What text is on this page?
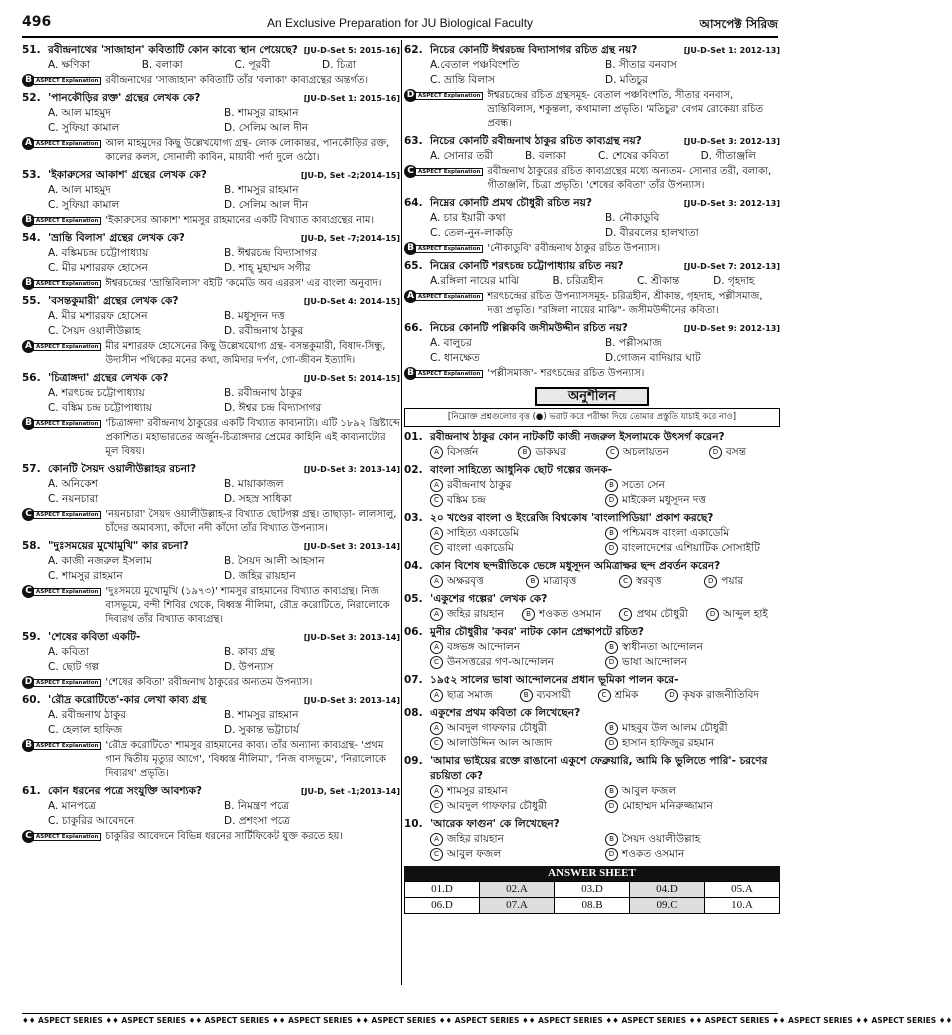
496	An Exclusive Preparation for JU Biological Faculty	আসপেক্ট সিরিজ
51. রবীন্দ্রনাথের 'সাজাহান' কবিতাটি কোন কাব্যে স্থান পেয়েছে? [JU-D-Set 5: 2015-16]
A. ক্ষণিকা	B. বলাকা	C. পূরবী	D. চিত্রা
B ASPECT Explanation রবীন্দ্রনাথের 'সাজাহান' কবিতাটি তাঁর 'বলাকা' কাব্যগ্রন্থের অন্তর্গত।
52. 'পানকৌড়ির রক্ত' গ্রন্থের লেখক কে?	[JU-D-Set 1: 2015-16]
A. আল মাহমুদ	B. শামসুর রাহমান
C. সুফিয়া কামাল	D. সেলিম আল দীন
A ASPECT Explanation আল মাহমুদের কিছু উল্লেখযোগ্য গ্রন্থ- লোক লোকান্তর, পানকৌড়ির রক্ত, কালের কলস, সোনালী কাবিন, মায়াবী পর্দা দুলে ওঠো।
53. 'ইকারুসের আকাশ' গ্রন্থের লেখক কে?	[JU-D, Set -2;2014-15]
A. আল মাহমুদ	B. শামসুর রাহমান
C. সুফিয়া কামাল	D. সেলিম আল দীন
B ASPECT Explanation 'ইকারুসের আকাশ' শামসুর রাহমানের একটি বিখ্যাত কাব্যগ্রন্থের নাম।
54. 'ভ্রান্তি বিলাস' গ্রন্থের লেখক কে?	[JU-D, Set -7;2014-15]
A. বঙ্কিমচন্দ্র চট্টোপাধ্যায়	B. ঈশ্বরচন্দ্র বিদ্যাসাগর
C. মীর মশাররফ হোসেন	D. শাহ্ মুহাম্মদ সগীর
B ASPECT Explanation ঈশ্বরচন্দ্রের 'ভ্রান্তিবিলাস' বইটি 'কমেডি অব এররস' এর বাংলা অনুবাদ।
55. 'বসন্তকুমারী' গ্রন্থের লেখক কে?	[JU-D-Set 4: 2014-15]
A. মীর মশাররফ হোসেন	B. মধুসূদন দত্ত
C. সৈয়দ ওয়ালীউল্লাহ	D. রবীন্দ্রনাথ ঠাকুর
A ASPECT Explanation মীর মশাররফ হোসেনের কিছু উল্লেখযোগ্য গ্রন্থ- বসন্তকুমারী, বিষাদ-সিন্ধু, উদাসীন পথিকের মনের কথা, জমিদার দর্পণ, গো-জীবন ইত্যাদি।
56. 'চিত্রাঙ্গদা' গ্রন্থের লেখক কে?	[JU-D-Set 5: 2014-15]
A. শরৎচন্দ্র চট্টোপাধ্যায়	B. রবীন্দ্রনাথ ঠাকুর
C. বঙ্কিম চন্দ্র চট্টোপাধ্যায়	D. ঈশ্বর চন্দ্র বিদ্যাসাগর
B ASPECT Explanation 'চিত্রাঙ্গদা' রবীন্দ্রনাথ ঠাকুরের একটি বিখ্যাত কাব্যনাট্য। এটি ১৮৯২ খ্রিষ্টাব্দে প্রকাশিত। মহাভারতের অর্জুন-চিত্রাঙ্গদার প্রেমের কাহিনি এই কাব্যনাট্যের মূল বিষয়।
57. কোনটি সৈয়দ ওয়ালীউল্লাহর রচনা?	[JU-D-Set 3: 2013-14]
A. অনিকেশ	B. মায়াকাজল
C. নয়নচারা	D. সহস্র সাধিকা
C ASPECT Explanation 'নয়নচারা' সৈয়দ ওয়ালীউল্লাহ-র বিখ্যাত ছোটগল্প গ্রন্থ। তাছাড়া- লালসালু, চাঁদের অমাবস্যা, কাঁদো নদী কাঁদো তাঁর বিখ্যাত উপন্যাস।
58. "দুঃসময়ের মুখোমুখি" কার রচনা?	[JU-D-Set 3: 2013-14]
A. কাজী নজরুল ইসলাম	B. সৈয়দ আলী আহসান
C. শামসুর রাহমান	D. জহির রায়হান
C ASPECT Explanation 'দুঃসময়ে মুখোমুখি (১৯৭৩)' শামসুর রাহমানের বিখ্যাত কাব্যগ্রন্থ। নিজ বাসভূমে, বন্দী শিবির থেকে, বিধ্বস্ত নীলিমা, রৌদ্র করোটিতে, নিরালোকে দিব্যরথ তাঁর বিখ্যাত কাব্যগ্রন্থ।
59. 'শেষের কবিতা একটি-	[JU-D-Set 3: 2013-14]
A. কবিতা	B. কাব্য গ্রন্থ
C. ছোট গল্প	D. উপন্যাস
D ASPECT Explanation 'শেষের কবিতা' রবীন্দ্রনাথ ঠাকুরের অন্যতম উপন্যাস।
60. 'রৌদ্র করোটিতে'-কার লেখা কাব্য গ্রন্থ	[JU-D-Set 3: 2013-14]
A. রবীন্দ্রনাথ ঠাকুর	B. শামসুর রাহমান
C. হেলাল হাফিজ	D. সুকান্ত ভট্টাচার্য
B ASPECT Explanation 'রৌদ্র করোটিতে' শামসুর রাহমানের কাব্য। তাঁর অন্যান্য কাব্যগ্রন্থ- 'প্রথম গান দ্বিতীয় মৃত্যুর আগে', 'বিধ্বস্ত নীলিমা', 'নিজ বাসভূমে', 'নিরালোকে দিব্যরথ' প্রভৃতি।
61. কোন ধরনের পত্রে সংযুক্তি আবশ্যক?	[JU-D, Set -1;2013-14]
A. মানপত্রে	B. নিমন্ত্রণ পত্রে
C. চাকুরির আবেদনে	D. প্রশংসা পত্রে
C ASPECT Explanation চাকুরির আবেদনে বিভিন্ন ধরনের সার্টিফিকেট যুক্ত করতে হয়।
62. নিচের কোনটি ঈশ্বরচন্দ্র বিদ্যাসাগর রচিত গ্রন্থ নয়?	[JU-D-Set 1: 2012-13]
A.বেতাল পঞ্চবিংশতি	B. সীতার বনবাস
C. ভ্রান্তি বিলাস	D. মতিচুর
D ASPECT Explanation ঈশ্বরচন্দ্রের রচিত গ্রন্থসমূহ- বেতাল পঞ্চবিংশতি, সীতার বনবাস, ভ্রান্তিবিলাস, শকুন্তলা, কথামালা প্রভৃতি। 'মতিচুর' বেগম রোকেয়া রচিত প্রবন্ধ।
63. নিচের কোনটি রবীন্দ্রনাথ ঠাকুর রচিত কাব্যগ্রন্থ নয়?	[JU-D-Set 3: 2012-13]
A. সোনার তরী	B. বলাকা	C. শেষের কবিতা	D. গীতাঞ্জলি
C ASPECT Explanation রবীন্দ্রনাথ ঠাকুরের রচিত কাব্যগ্রন্থের মধ্যে অন্যতম- সোনার তরী, বলাকা, গীতাঞ্জলি, চিত্রা প্রভৃতি। 'শেষের কবিতা' তাঁর উপন্যাস।
64. নিম্নের কোনটি প্রমথ চৌধুরী রচিত নয়?	[JU-D-Set 3: 2012-13]
A. চার ইয়ারী কথা	B. নৌকাডুবি
C. তেল-নুন-লাকড়ি	D. বীরবলের হালখাতা
B ASPECT Explanation 'নৌকাডুবি' রবীন্দ্রনাথ ঠাকুর রচিত উপন্যাস।
65. নিম্নের কোনটি শরৎচন্দ্র চট্টোপাধ্যায় রচিত নয়?	[JU-D-Set 7: 2012-13]
A.রঙ্গিলা নায়ের মাঝি	B. চরিত্রহীন	C. শ্রীকান্ত	D. গৃহদাহ
A ASPECT Explanation শরৎচন্দ্রের রচিত উপন্যাসসমূহ- চরিত্রহীন, শ্রীকান্ত, গৃহদাহ, পল্লীসমাজ, দত্তা প্রভৃতি। "রঙ্গিলা নায়ের মাঝি"- জসীমউদ্দীনের কবিতা।
66. নিচের কোনটি পল্লিকবি জসীমউদ্দীন রচিত নয়?	[JU-D-Set 9: 2012-13]
A. বালুচর	B. পল্লীসমাজ
C. ধানক্ষেত	D.গোজন বাদিয়ার ঘাট
B ASPECT Explanation 'পল্লীসমাজ'- শরৎচন্দ্রের রচিত উপন্যাস।
অনুশীলন
[নিম্নোক্ত প্রশ্নগুলোর বৃত্ত (●) ভরাট করে পরীক্ষা দিয়ে তোমার প্রস্তুতি যাচাই করে নাও]
01. রবীন্দ্রনাথ ঠাকুর কোন নাটকটি কাজী নজরুল ইসলামকে উৎসর্গ করেন?
A বিসর্জন	B ডাকঘর	C অচলায়তন	D বসন্ত
02. বাংলা সাহিত্যে আধুনিক ছোট গল্পের জনক-
A রবীন্দ্রনাথ ঠাকুর	B সত্যে সেন
C বঙ্কিম চন্দ্র	D মাইকেল মধুসূদন দত্ত
03. ২০ খণ্ডের বাংলা ও ইংরেজি বিশ্বকোষ 'বাংলাপিডিয়া' প্রকাশ করছে?
A সাহিত্য একাডেমি	B পশ্চিমবঙ্গ বাংলা একাডেমি
C বাংলা একাডেমি	D বাংলাদেশের এশিয়াটিক সোসাইটি
04. কোন বিশেষ ছন্দরীতিকে ভেঙ্গে মধুসূদন অমিত্রাক্ষর ছন্দ প্রবর্তন করেন?
A অক্ষরবৃত্ত	B মাত্রাবৃত্ত	C স্বরবৃত্ত	D পয়ার
05. 'একুশের গল্পের' লেখক কে?
A জহির রায়হান	B শওকত ওসমান	C প্রথম চৌধুরী	D আব্দুল হাই
06. মুনীর চৌধুরীর 'কবর' নাটক কোন প্রেক্ষাপটে রচিত?
A বঙ্গভঙ্গ আন্দোলন	B স্বাধীনতা আন্দোলন
C উনসত্তরের গণ-আন্দোলন	D ভাষা আন্দোলন
07. ১৯৫২ সালের ভাষা আন্দোলনের প্রধান ভূমিকা পালন করে-
A ছাত্র সমাজ	B ব্যবসায়ী	C শ্রমিক	D কৃষক রাজনীতিবিদ
08. একুশের প্রথম কবিতা কে লিখেছেন?
A আবদুল গাফফার চৌধুরী	B মাহবুব উল আলম চৌধুরী
C আলাউদ্দিন আল আজাদ	D হাসান হাফিজুর রহমান
09. 'আমার ভাইয়ের রক্তে রাঙানো একুশে ফেব্রুয়ারি, আমি কি ভুলিতে পারি'- চরণের রচয়িতা কে?
A শামসুর রাহমান	B আবুল ফজল
C আবদুল গাফফার চৌধুরী	D মোহাম্মদ মনিরুজ্জামান
10. 'আরেক ফাগুন' কে লিখেছেন?
A জহির রায়হান	B সৈয়দ ওয়ালীউল্লাহ
C আবুল ফজল	D শওকত ওসমান
ANSWER SHEET
01.D	02.A	03.D	04.D	05.A
06.D	07.A	08.B	09.C	10.A
♦♦ ASPECT SERIES ♦♦ ASPECT SERIES ♦♦ ASPECT SERIES ♦♦ ASPECT SERIES ♦♦ ASPECT SERIES ♦♦ ASPECT SERIES ♦♦ ASPECT SERIES ♦♦ ASPECT SERIES ♦♦ ASPECT SERIES ♦♦ ASPECT SERIES ♦♦ ASPECT SERIES ♦♦
